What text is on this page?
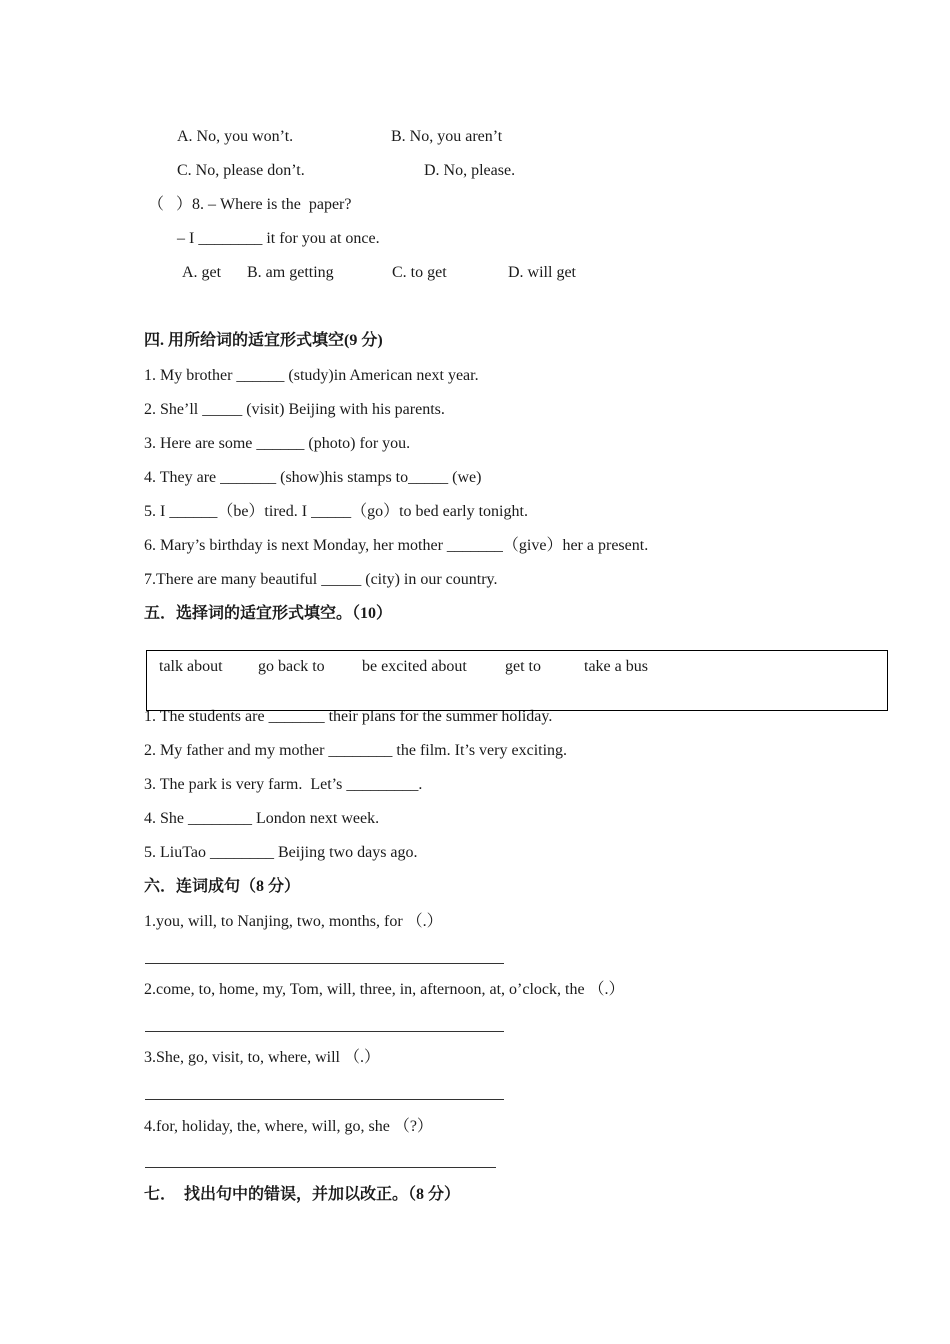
A. No, you won’t.	B. No, you aren’t
C. No, please don’t.	D. No, please.
（   ）8. – Where is the  paper?
– I ________ it for you at once.
A. get B. am getting	C. to get	D. will get
四. 用所给词的适宜形式填空(9 分)
1. My brother ______ (study)in American next year.
2. She’ll _____ (visit) Beijing with his parents.
3. Here are some ______ (photo) for you.
4. They are _______ (show)his stamps to_____ (we)
5. I ______（be）tired. I _____（go）to bed early tonight.
6. Mary’s birthday is next Monday, her mother _______（give）her a present.
7.There are many beautiful _____ (city) in our country.
五．选择词的适宜形式填空。（10）
1. The students are _______ their plans for the summer holiday.
talk about go back to be excited about get to	take a bus
2. My father and my mother ________ the film. It’s very exciting.
3. The park is very farm.  Let’s _________.
4. She ________ London next week.
5. LiuTao ________ Beijing two days ago.
六．连词成句（8 分）
1.you, will, to Nanjing, two, months, for （.）
2.come, to, home, my, Tom, will, three, in, afternoon, at, o’clock, the （.）
3.She, go, visit, to, where, will （.）
4.for, holiday, the, where, will, go, she （?）
七．  找出句中的错误，并加以改正。（8 分）
